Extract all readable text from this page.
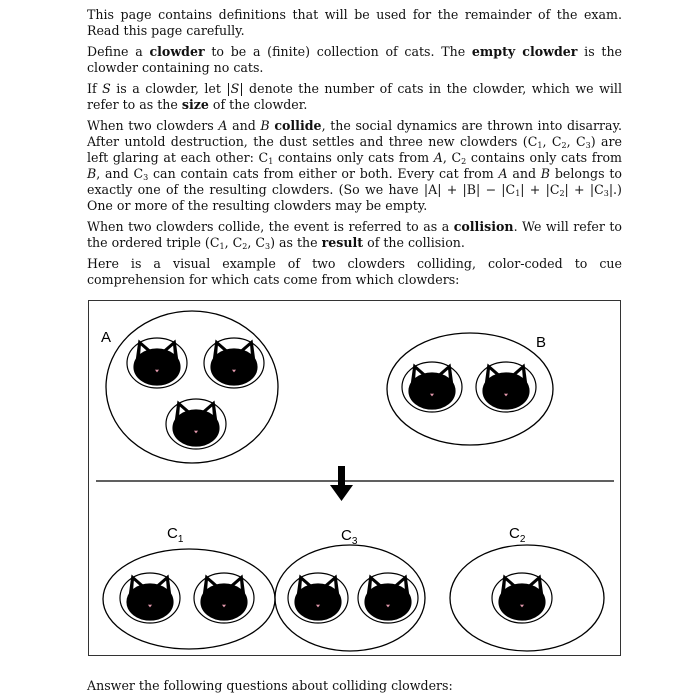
This page contains definitions that will be used for the remainder of the exam. Read this page carefully.

Define a clowder to be a (finite) collection of cats. The empty clowder is the clowder containing no cats.

If S is a clowder, let |S| denote the number of cats in the clowder, which we will refer to as the size of the clowder.

When two clowders A and B collide, the social dynamics are thrown into disarray. After untold destruction, the dust settles and three new clowders ($C_1$, $C_2$, $C_3$) are left glaring at each other: $C_1$ contains only cats from A, $C_2$ contains only cats from B, and $C_3$ can contain cats from either or both. Every cat from A and B belongs to exactly one of the resulting clowders. (So we have $|A| + |B| - |C_1| + |C_2| + |C_3|$.) One or more of the resulting clowders may be empty.

When two clowders collide, the event is referred to as a collision. We will refer to the ordered triple ($C_1$, $C_2$, $C_3$) as the result of the collision.

Here is a visual example of two clowders colliding, color-coded to cue comprehension for which cats come from which clowders:

A	B
$C_1$	$C_3$	$C_2$
Answer the following questions about colliding clowders:
